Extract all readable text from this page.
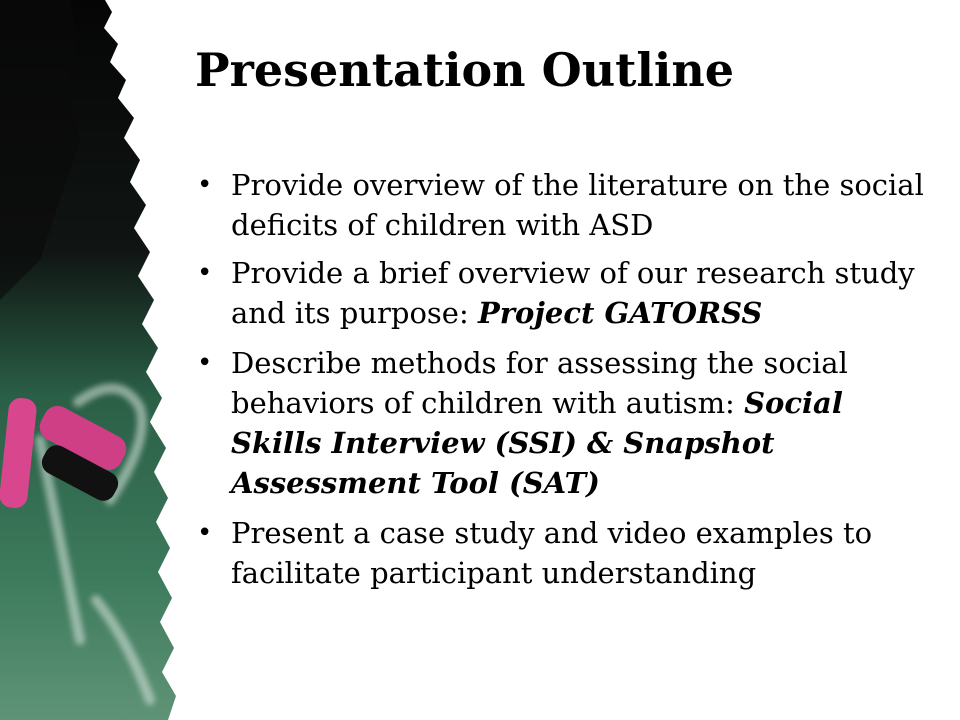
Presentation Outline
• Provide overview of the literature on the social deficits of children with ASD
• Provide a brief overview of our research study and its purpose: Project GATORSS
• Describe methods for assessing the social behaviors of children with autism: Social Skills Interview (SSI) & Snapshot Assessment Tool (SAT)
• Present a case study and video examples to facilitate participant understanding
